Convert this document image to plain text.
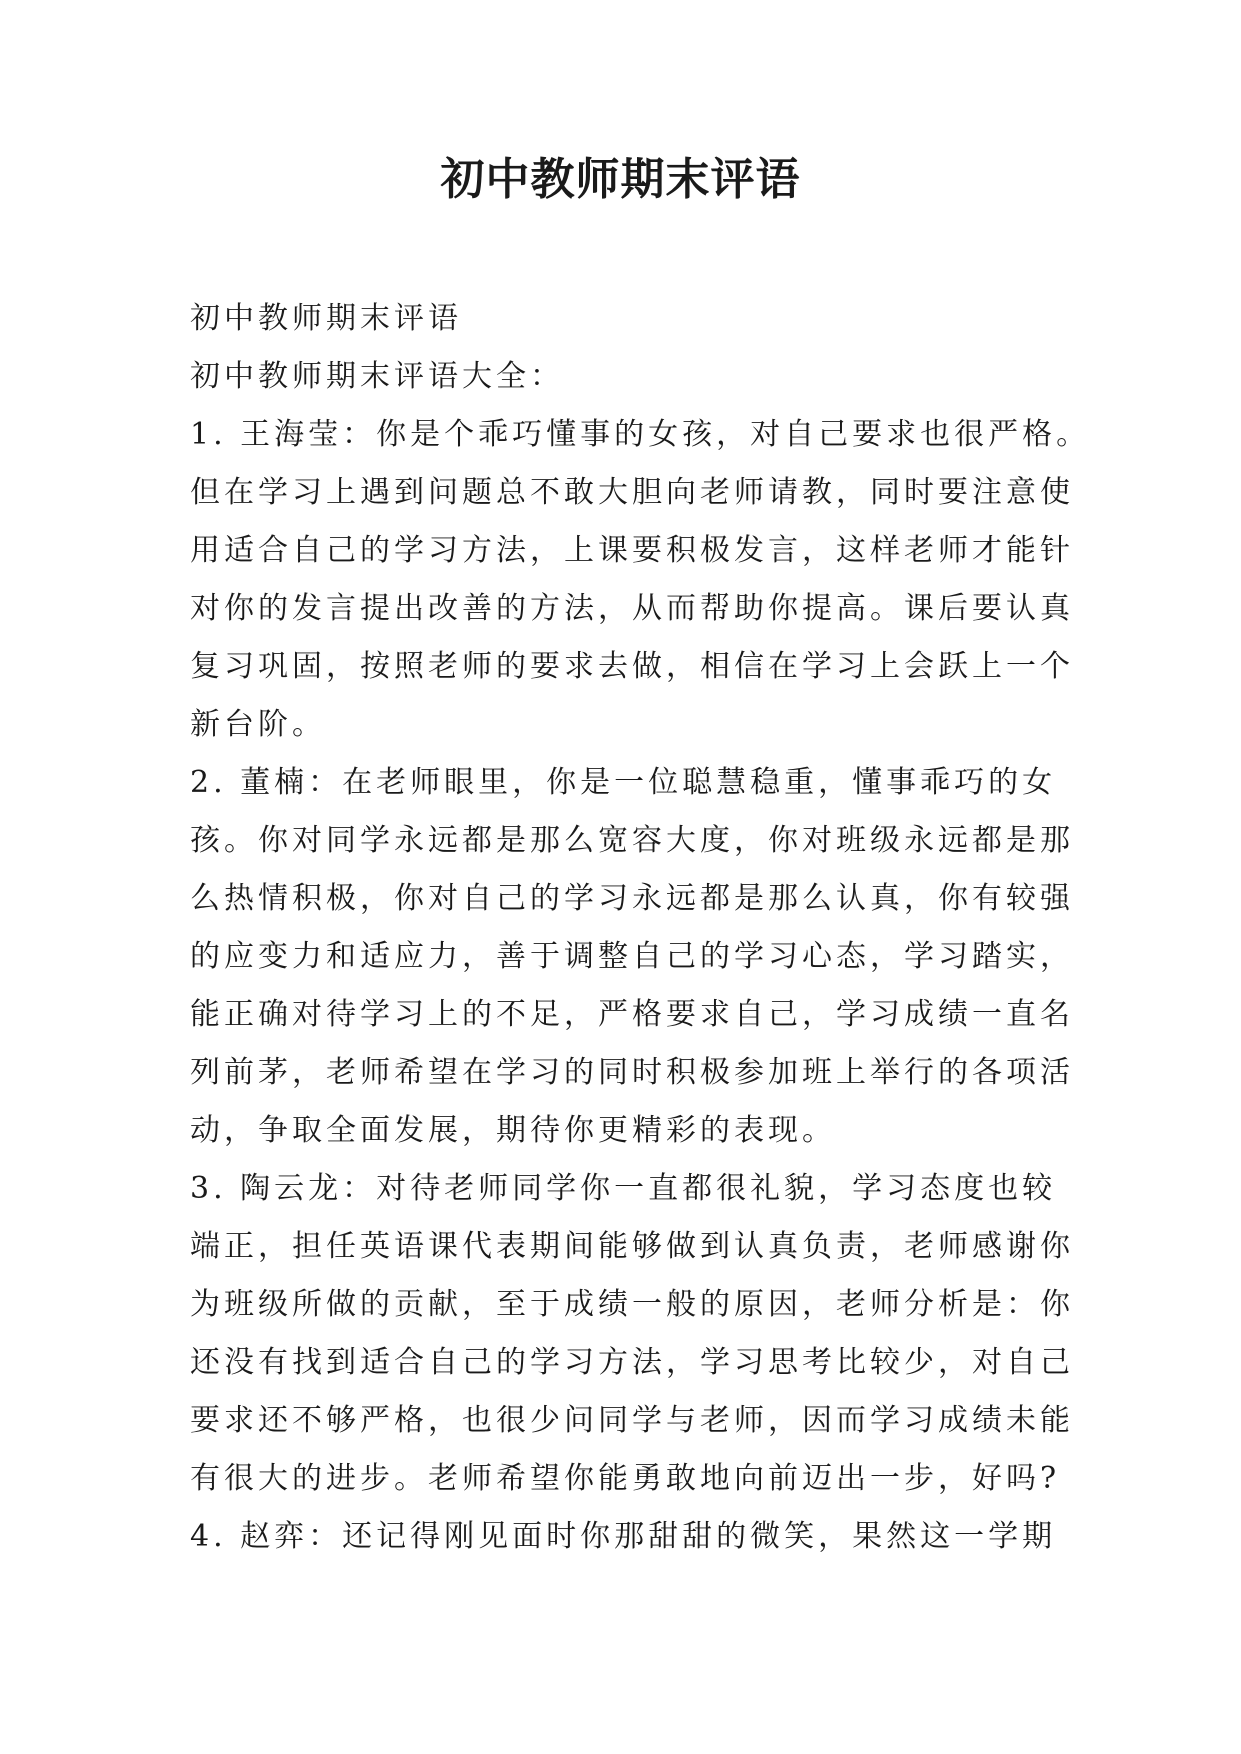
初中教师期末评语
初中教师期末评语
初中教师期末评语大全：
1. 王海莹：你是个乖巧懂事的女孩，对自己要求也很严格。
但在学习上遇到问题总不敢大胆向老师请教，同时要注意使
用适合自己的学习方法，上课要积极发言，这样老师才能针
对你的发言提出改善的方法，从而帮助你提高。课后要认真
复习巩固，按照老师的要求去做，相信在学习上会跃上一个
新台阶。
2. 董楠：在老师眼里，你是一位聪慧稳重，懂事乖巧的女
孩。你对同学永远都是那么宽容大度，你对班级永远都是那
么热情积极，你对自己的学习永远都是那么认真，你有较强
的应变力和适应力，善于调整自己的学习心态，学习踏实，
能正确对待学习上的不足，严格要求自己，学习成绩一直名
列前茅，老师希望在学习的同时积极参加班上举行的各项活
动，争取全面发展，期待你更精彩的表现。
3. 陶云龙：对待老师同学你一直都很礼貌，学习态度也较
端正，担任英语课代表期间能够做到认真负责，老师感谢你
为班级所做的贡献，至于成绩一般的原因，老师分析是：你
还没有找到适合自己的学习方法，学习思考比较少，对自己
要求还不够严格，也很少问同学与老师，因而学习成绩未能
有很大的进步。老师希望你能勇敢地向前迈出一步，好吗?
4. 赵弈：还记得刚见面时你那甜甜的微笑，果然这一学期
